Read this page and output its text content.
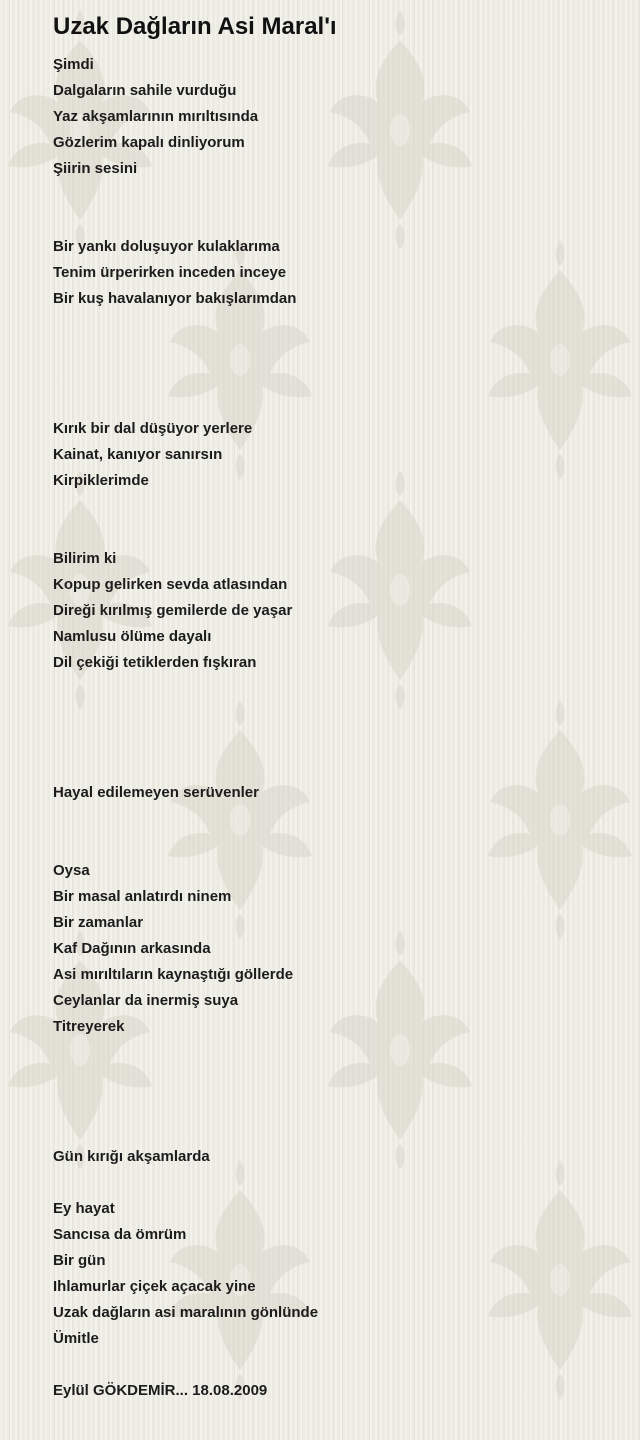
Uzak Dağların Asi Maral'ı
Şimdi
Dalgaların sahile vurduğu
Yaz akşamlarının mırıltısında
Gözlerim kapalı dinliyorum
Şiirin sesini
Bir yankı doluşuyor kulaklarıma
Tenim ürperirken inceden inceye
Bir kuş havalanıyor bakışlarımdan
Kırık bir dal düşüyor yerlere
Kainat, kanıyor sanırsın
Kirpiklerimde
Bilirim ki
Kopup gelirken sevda atlasından
Direği kırılmış gemilerde de yaşar
Namlusu ölüme dayalı
Dil çekiği tetiklerden fışkıran
Hayal edilemeyen serüvenler
Oysa
Bir masal anlatırdı ninem
Bir zamanlar
Kaf Dağının arkasında
Asi mırıltıların kaynaştığı göllerde
Ceylanlar da inermiş suya
Titreyerek
Gün kırığı akşamlarda
Ey hayat
Sancısa da ömrüm
Bir gün
Ihlamurlar çiçek açacak yine
Uzak dağların asi maralının gönlünde
Ümitle
Eylül GÖKDEMİR... 18.08.2009
